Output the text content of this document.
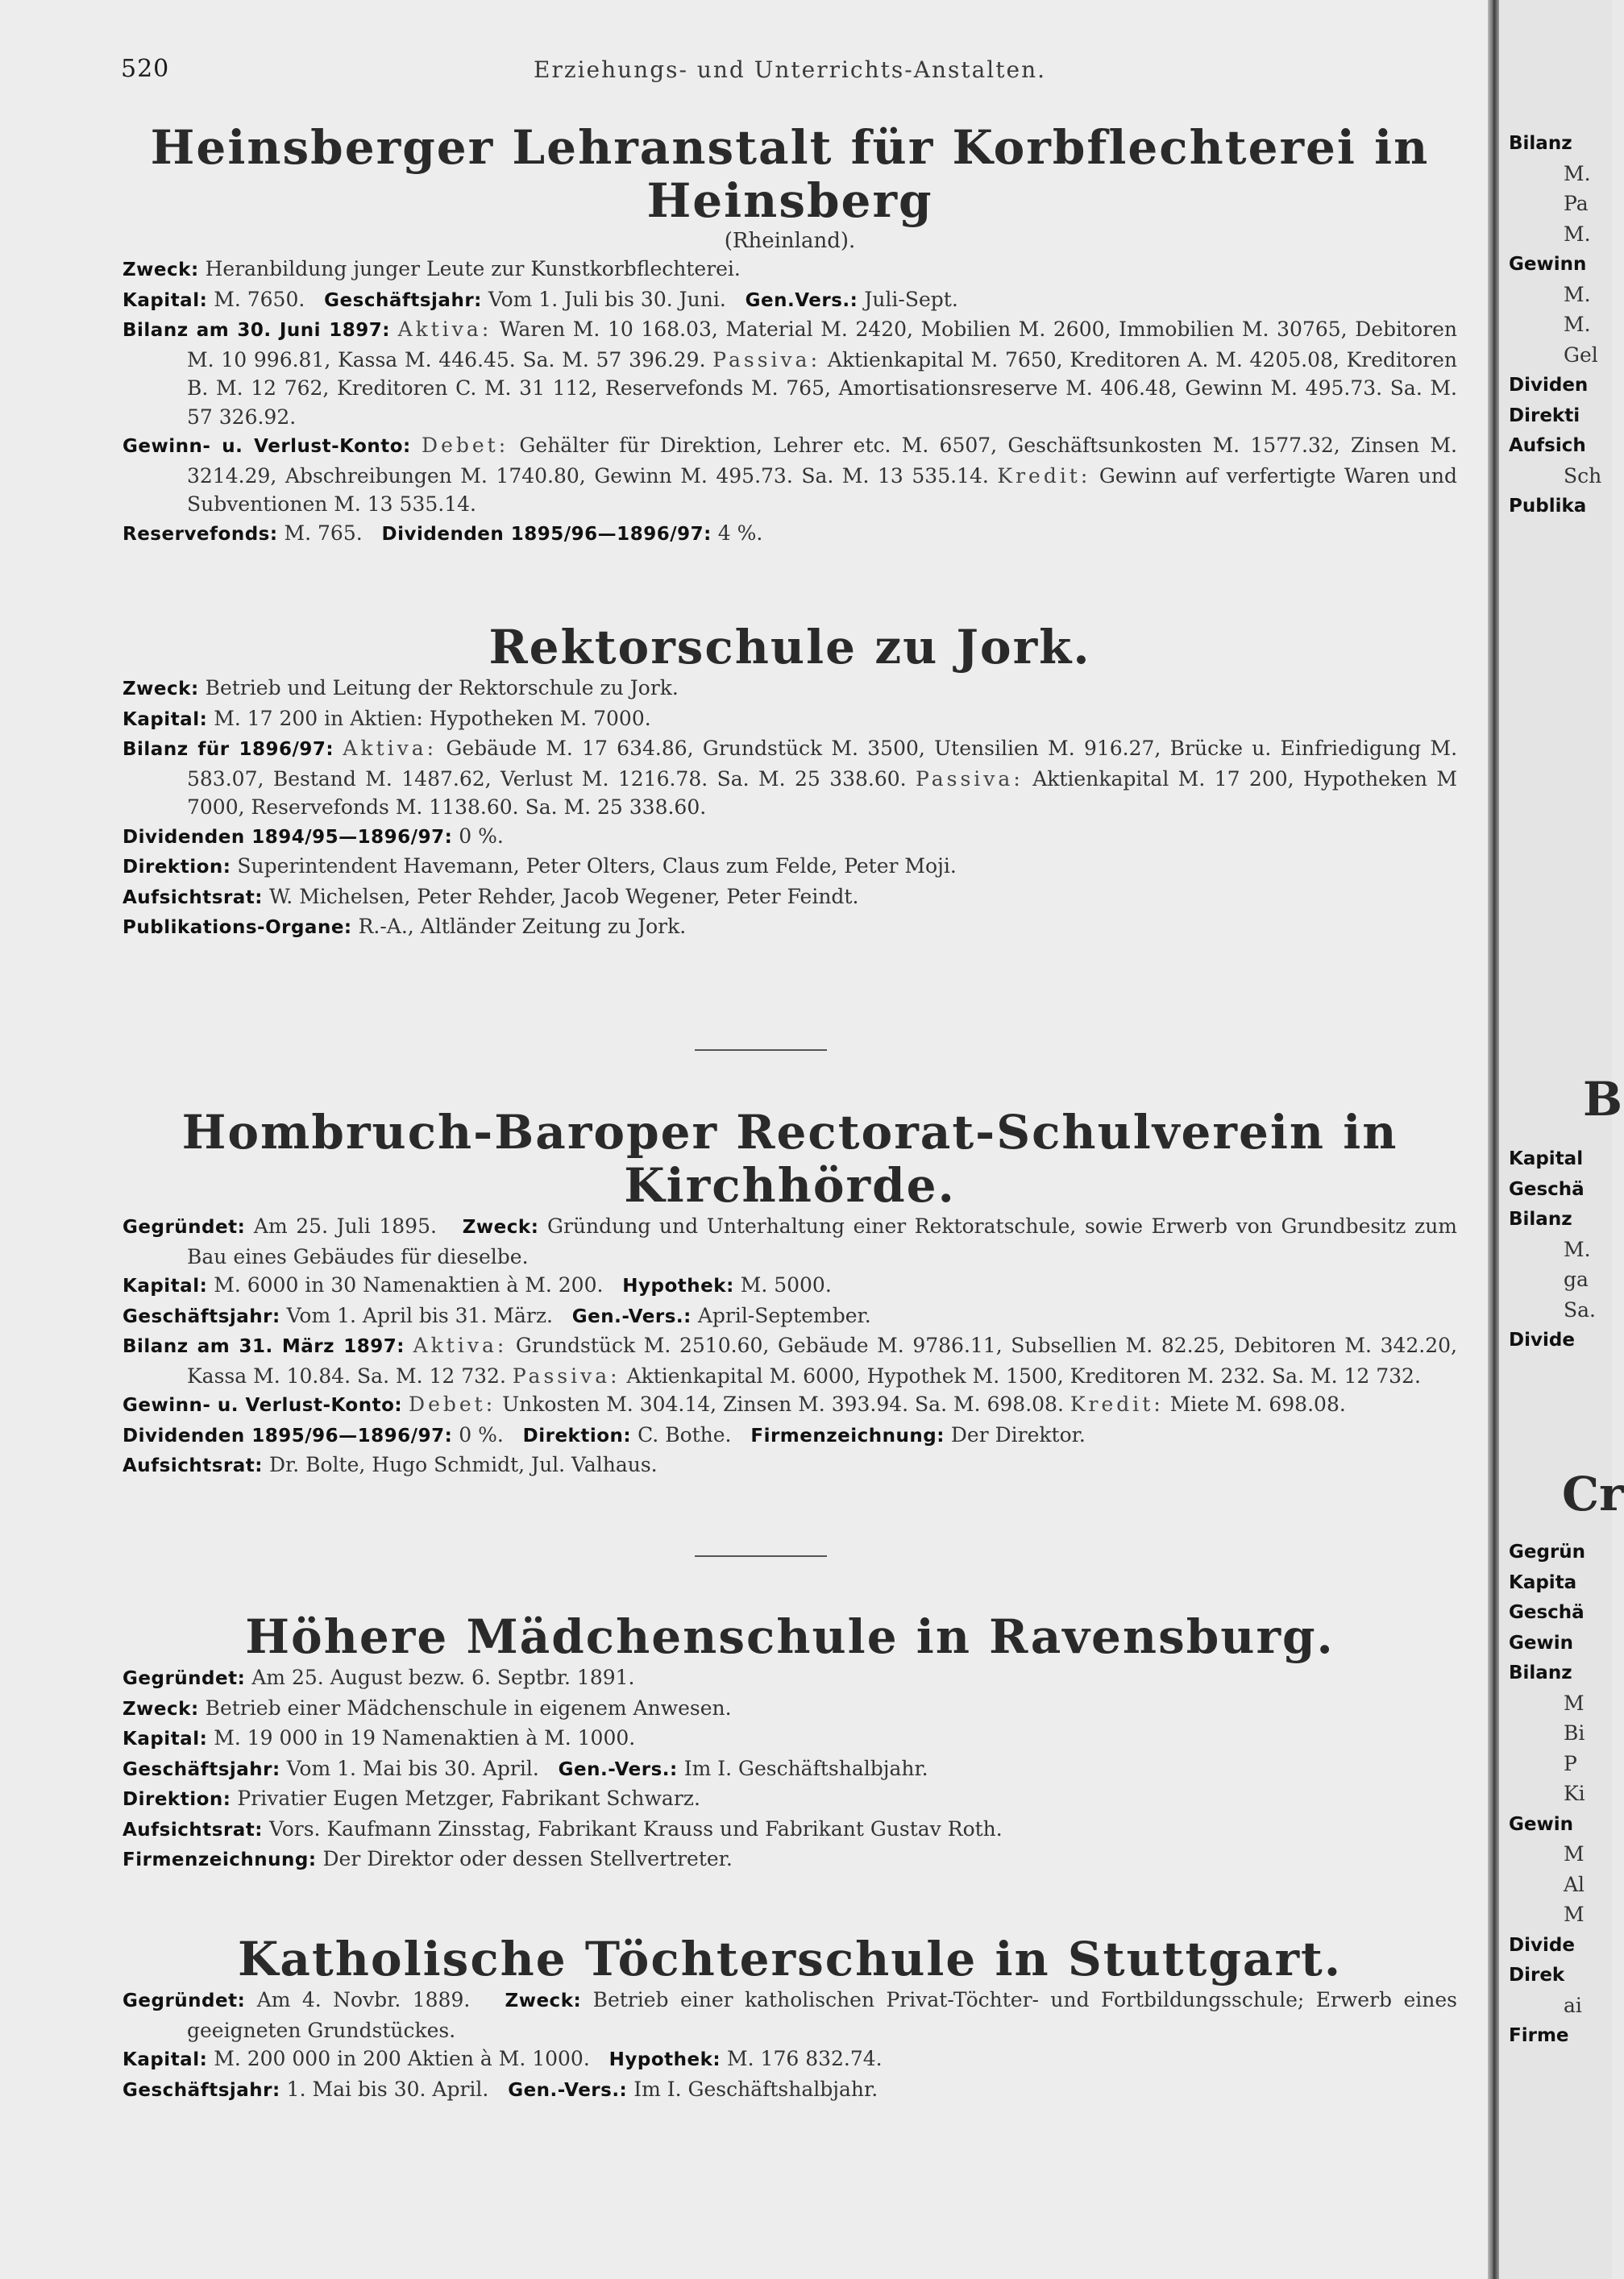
520	Erziehungs- und Unterrichts-Anstalten.
Heinsberger Lehranstalt für Korbflechterei in Heinsberg
(Rheinland).

Zweck: Heranbildung junger Leute zur Kunstkorbflechterei.

Kapital: M. 7650. Geschäftsjahr: Vom 1. Juli bis 30. Juni. Gen.Vers.: Juli-Sept.

Bilanz am 30. Juni 1897: Aktiva: Waren M. 10 168.03, Material M. 2420, Mobilien M. 2600, Immobilien M. 30765, Debitoren M. 10 996.81, Kassa M. 446.45. Sa. M. 57 396.29. Passiva: Aktienkapital M. 7650, Kreditoren A. M. 4205.08, Kreditoren B. M. 12 762, Kreditoren C. M. 31 112, Reservefonds M. 765, Amortisationsreserve M. 406.48, Gewinn M. 495.73. Sa. M. 57 326.92.

Gewinn- u. Verlust-Konto: Debet: Gehälter für Direktion, Lehrer etc. M. 6507, Geschäftsunkosten M. 1577.32, Zinsen M. 3214.29, Abschreibungen M. 1740.80, Gewinn M. 495.73. Sa. M. 13 535.14. Kredit: Gewinn auf verfertigte Waren und Subventionen M. 13 535.14.

Reservefonds: M. 765. Dividenden 1895/96—1896/97: 4 %.

Rektorschule zu Jork.

Zweck: Betrieb und Leitung der Rektorschule zu Jork.

Kapital: M. 17 200 in Aktien: Hypotheken M. 7000.

Bilanz für 1896/97: Aktiva: Gebäude M. 17 634.86, Grundstück M. 3500, Utensilien M. 916.27, Brücke u. Einfriedigung M. 583.07, Bestand M. 1487.62, Verlust M. 1216.78. Sa. M. 25 338.60. Passiva: Aktienkapital M. 17 200, Hypotheken M 7000, Reservefonds M. 1138.60. Sa. M. 25 338.60.

Dividenden 1894/95—1896/97: 0 %.

Direktion: Superintendent Havemann, Peter Olters, Claus zum Felde, Peter Moji.

Aufsichtsrat: W. Michelsen, Peter Rehder, Jacob Wegener, Peter Feindt.

Publikations-Organe: R.-A., Altländer Zeitung zu Jork.

Hombruch-Baroper Rectorat-Schulverein in Kirchhörde.

Gegründet: Am 25. Juli 1895. Zweck: Gründung und Unterhaltung einer Rektoratschule, sowie Erwerb von Grundbesitz zum Bau eines Gebäudes für dieselbe.

Kapital: M. 6000 in 30 Namenaktien à M. 200. Hypothek: M. 5000.

Geschäftsjahr: Vom 1. April bis 31. März. Gen.-Vers.: April-September.

Bilanz am 31. März 1897: Aktiva: Grundstück M. 2510.60, Gebäude M. 9786.11, Subsellien M. 82.25, Debitoren M. 342.20, Kassa M. 10.84. Sa. M. 12 732. Passiva: Aktienkapital M. 6000, Hypothek M. 1500, Kreditoren M. 232. Sa. M. 12 732.

Gewinn- u. Verlust-Konto: Debet: Unkosten M. 304.14, Zinsen M. 393.94. Sa. M. 698.08. Kredit: Miete M. 698.08.

Dividenden 1895/96—1896/97: 0 %. Direktion: C. Bothe. Firmenzeichnung: Der Direktor.

Aufsichtsrat: Dr. Bolte, Hugo Schmidt, Jul. Valhaus.

Höhere Mädchenschule in Ravensburg.

Gegründet: Am 25. August bezw. 6. Septbr. 1891.

Zweck: Betrieb einer Mädchenschule in eigenem Anwesen.

Kapital: M. 19 000 in 19 Namenaktien à M. 1000.

Geschäftsjahr: Vom 1. Mai bis 30. April. Gen.-Vers.: Im I. Geschäftshalbjahr.

Direktion: Privatier Eugen Metzger, Fabrikant Schwarz.

Aufsichtsrat: Vors. Kaufmann Zinsstag, Fabrikant Krauss und Fabrikant Gustav Roth.

Firmenzeichnung: Der Direktor oder dessen Stellvertreter.

Katholische Töchterschule in Stuttgart.

Gegründet: Am 4. Novbr. 1889. Zweck: Betrieb einer katholischen Privat-Töchter- und Fortbildungsschule; Erwerb eines geeigneten Grundstückes.

Kapital: M. 200 000 in 200 Aktien à M. 1000. Hypothek: M. 176 832.74.

Geschäftsjahr: 1. Mai bis 30. April. Gen.-Vers.: Im I. Geschäftshalbjahr.

Bilanz
M.
Pa
M.
Gewinn
M.
M.
Gel
Dividen
Direkti
Aufsich
Sch
Publika
B
Kapital
Geschä
Bilanz
M.
ga
Sa.
Divide
Cr
Gegrün
Kapita
Geschä
Gewin
Bilanz
M
Bi
P
Ki
Gewin
M
Al
M
Divide
Direk
ai
Firme
